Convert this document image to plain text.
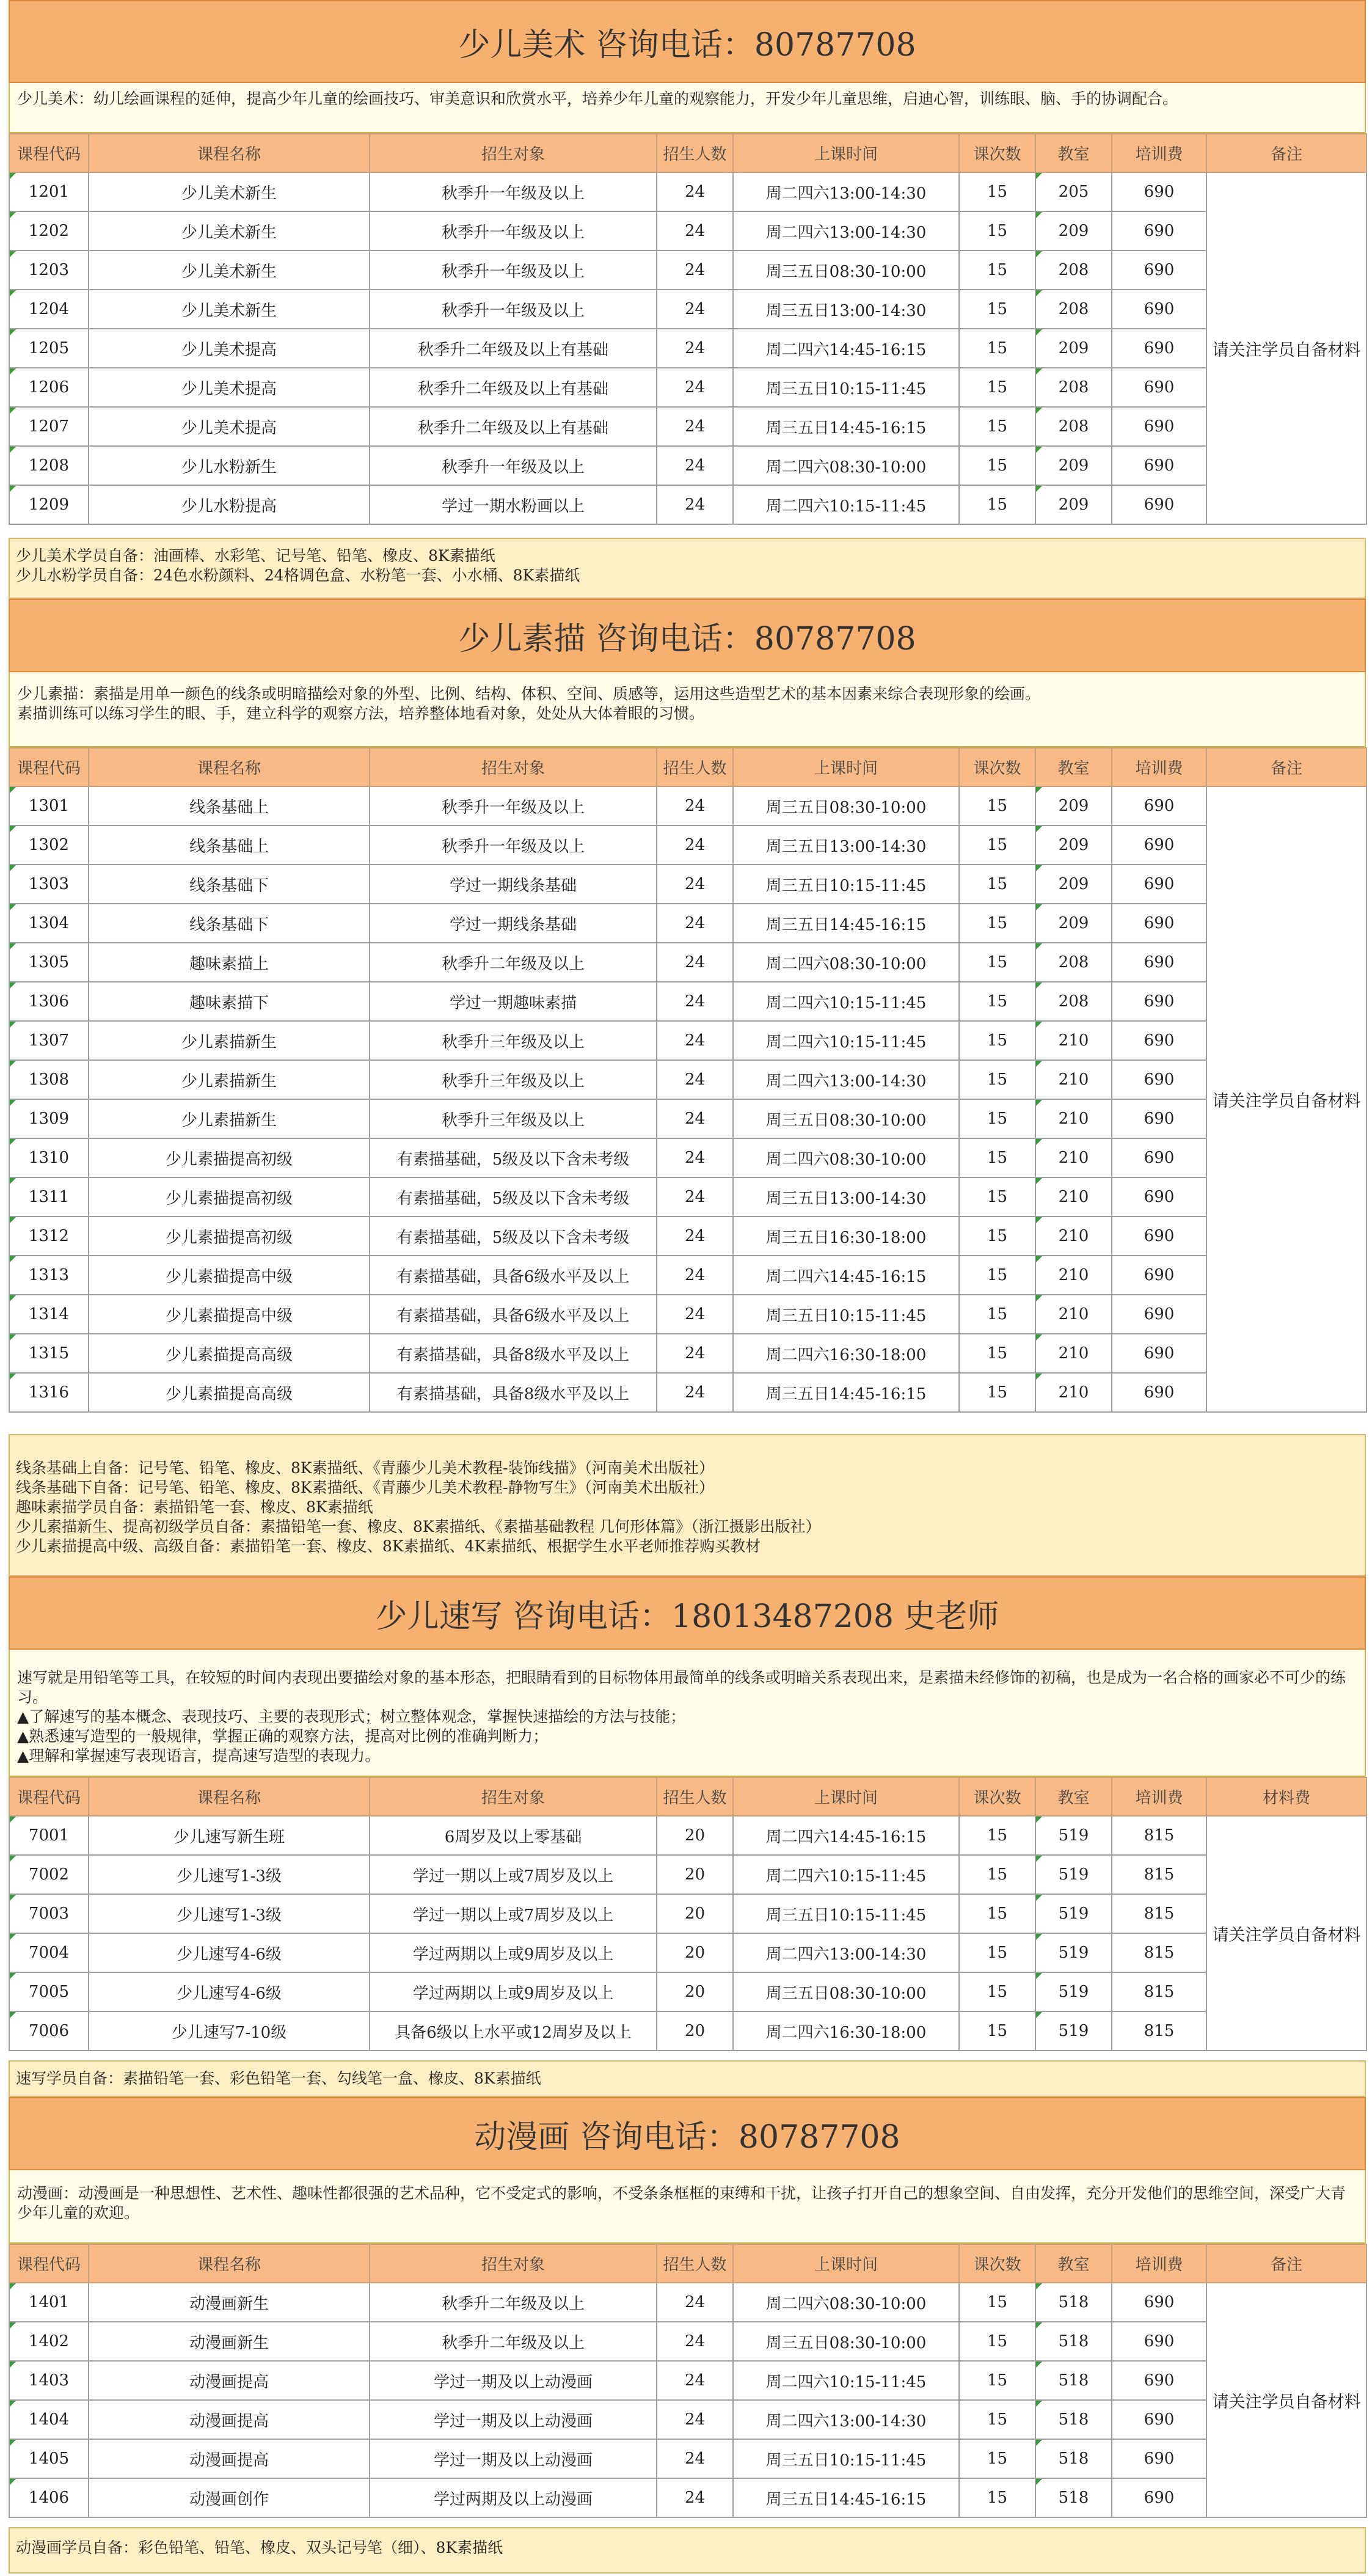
少儿美术 咨询电话：80787708
少儿美术：幼儿绘画课程的延伸，提高少年儿童的绘画技巧、审美意识和欣赏水平，培养少年儿童的观察能力，开发少年儿童思维，启迪心智，训练眼、脑、手的协调配合。
课程代码	课程名称	招生对象	招生人数	上课时间	课次数	教室	培训费	备注
1201	少儿美术新生	秋季升一年级及以上	24	周二四六13:00-14:30	15	205	690	请关注学员自备材料
1202	少儿美术新生	秋季升一年级及以上	24	周二四六13:00-14:30	15	209	690	
1203	少儿美术新生	秋季升一年级及以上	24	周三五日08:30-10:00	15	208	690	
1204	少儿美术新生	秋季升一年级及以上	24	周三五日13:00-14:30	15	208	690	
1205	少儿美术提高	秋季升二年级及以上有基础	24	周二四六14:45-16:15	15	209	690	
1206	少儿美术提高	秋季升二年级及以上有基础	24	周三五日10:15-11:45	15	208	690	
1207	少儿美术提高	秋季升二年级及以上有基础	24	周三五日14:45-16:15	15	208	690	
1208	少儿水粉新生	秋季升一年级及以上	24	周二四六08:30-10:00	15	209	690	
1209	少儿水粉提高	学过一期水粉画以上	24	周二四六10:15-11:45	15	209	690	
少儿美术学员自备：油画棒、水彩笔、记号笔、铅笔、橡皮、8K素描纸
少儿水粉学员自备：24色水粉颜料、24格调色盒、水粉笔一套、小水桶、8K素描纸
少儿素描 咨询电话：80787708
少儿素描：素描是用单一颜色的线条或明暗描绘对象的外型、比例、结构、体积、空间、质感等，运用这些造型艺术的基本因素来综合表现形象的绘画。
素描训练可以练习学生的眼、手，建立科学的观察方法，培养整体地看对象，处处从大体着眼的习惯。
课程代码	课程名称	招生对象	招生人数	上课时间	课次数	教室	培训费	备注
1301	线条基础上	秋季升一年级及以上	24	周三五日08:30-10:00	15	209	690	请关注学员自备材料
1302	线条基础上	秋季升一年级及以上	24	周三五日13:00-14:30	15	209	690	
1303	线条基础下	学过一期线条基础	24	周三五日10:15-11:45	15	209	690	
1304	线条基础下	学过一期线条基础	24	周三五日14:45-16:15	15	209	690	
1305	趣味素描上	秋季升二年级及以上	24	周二四六08:30-10:00	15	208	690	
1306	趣味素描下	学过一期趣味素描	24	周二四六10:15-11:45	15	208	690	
1307	少儿素描新生	秋季升三年级及以上	24	周二四六10:15-11:45	15	210	690	
1308	少儿素描新生	秋季升三年级及以上	24	周二四六13:00-14:30	15	210	690	
1309	少儿素描新生	秋季升三年级及以上	24	周三五日08:30-10:00	15	210	690	
1310	少儿素描提高初级	有素描基础，5级及以下含未考级	24	周二四六08:30-10:00	15	210	690	
1311	少儿素描提高初级	有素描基础，5级及以下含未考级	24	周三五日13:00-14:30	15	210	690	
1312	少儿素描提高初级	有素描基础，5级及以下含未考级	24	周三五日16:30-18:00	15	210	690	
1313	少儿素描提高中级	有素描基础，具备6级水平及以上	24	周二四六14:45-16:15	15	210	690	
1314	少儿素描提高中级	有素描基础，具备6级水平及以上	24	周三五日10:15-11:45	15	210	690	
1315	少儿素描提高高级	有素描基础，具备8级水平及以上	24	周二四六16:30-18:00	15	210	690	
1316	少儿素描提高高级	有素描基础，具备8级水平及以上	24	周三五日14:45-16:15	15	210	690	
线条基础上自备：记号笔、铅笔、橡皮、8K素描纸、《青藤少儿美术教程-装饰线描》（河南美术出版社）
线条基础下自备：记号笔、铅笔、橡皮、8K素描纸、《青藤少儿美术教程-静物写生》（河南美术出版社）
趣味素描学员自备：素描铅笔一套、橡皮、8K素描纸
少儿素描新生、提高初级学员自备：素描铅笔一套、橡皮、8K素描纸、《素描基础教程 几何形体篇》（浙江摄影出版社）
少儿素描提高中级、高级自备：素描铅笔一套、橡皮、8K素描纸、4K素描纸、根据学生水平老师推荐购买教材
少儿速写 咨询电话：18013487208 史老师
速写就是用铅笔等工具，在较短的时间内表现出要描绘对象的基本形态，把眼睛看到的目标物体用最简单的线条或明暗关系表现出来，是素描未经修饰的初稿，也是成为一名合格的画家必不可少的练习。
▲了解速写的基本概念、表现技巧、主要的表现形式；树立整体观念，掌握快速描绘的方法与技能；
▲熟悉速写造型的一般规律，掌握正确的观察方法，提高对比例的准确判断力；
▲理解和掌握速写表现语言，提高速写造型的表现力。
课程代码	课程名称	招生对象	招生人数	上课时间	课次数	教室	培训费	材料费
7001	少儿速写新生班	6周岁及以上零基础	20	周二四六14:45-16:15	15	519	815	请关注学员自备材料
7002	少儿速写1-3级	学过一期以上或7周岁及以上	20	周二四六10:15-11:45	15	519	815	
7003	少儿速写1-3级	学过一期以上或7周岁及以上	20	周三五日10:15-11:45	15	519	815	
7004	少儿速写4-6级	学过两期以上或9周岁及以上	20	周二四六13:00-14:30	15	519	815	
7005	少儿速写4-6级	学过两期以上或9周岁及以上	20	周三五日08:30-10:00	15	519	815	
7006	少儿速写7-10级	具备6级以上水平或12周岁及以上	20	周二四六16:30-18:00	15	519	815	
速写学员自备：素描铅笔一套、彩色铅笔一套、勾线笔一盒、橡皮、8K素描纸
动漫画 咨询电话：80787708
动漫画：动漫画是一种思想性、艺术性、趣味性都很强的艺术品种，它不受定式的影响，不受条条框框的束缚和干扰，让孩子打开自己的想象空间、自由发挥，充分开发他们的思维空间，深受广大青少年儿童的欢迎。
课程代码	课程名称	招生对象	招生人数	上课时间	课次数	教室	培训费	备注
1401	动漫画新生	秋季升二年级及以上	24	周二四六08:30-10:00	15	518	690	请关注学员自备材料
1402	动漫画新生	秋季升二年级及以上	24	周三五日08:30-10:00	15	518	690	
1403	动漫画提高	学过一期及以上动漫画	24	周二四六10:15-11:45	15	518	690	
1404	动漫画提高	学过一期及以上动漫画	24	周二四六13:00-14:30	15	518	690	
1405	动漫画提高	学过一期及以上动漫画	24	周三五日10:15-11:45	15	518	690	
1406	动漫画创作	学过两期及以上动漫画	24	周三五日14:45-16:15	15	518	690	
动漫画学员自备：彩色铅笔、铅笔、橡皮、双头记号笔（细）、8K素描纸
